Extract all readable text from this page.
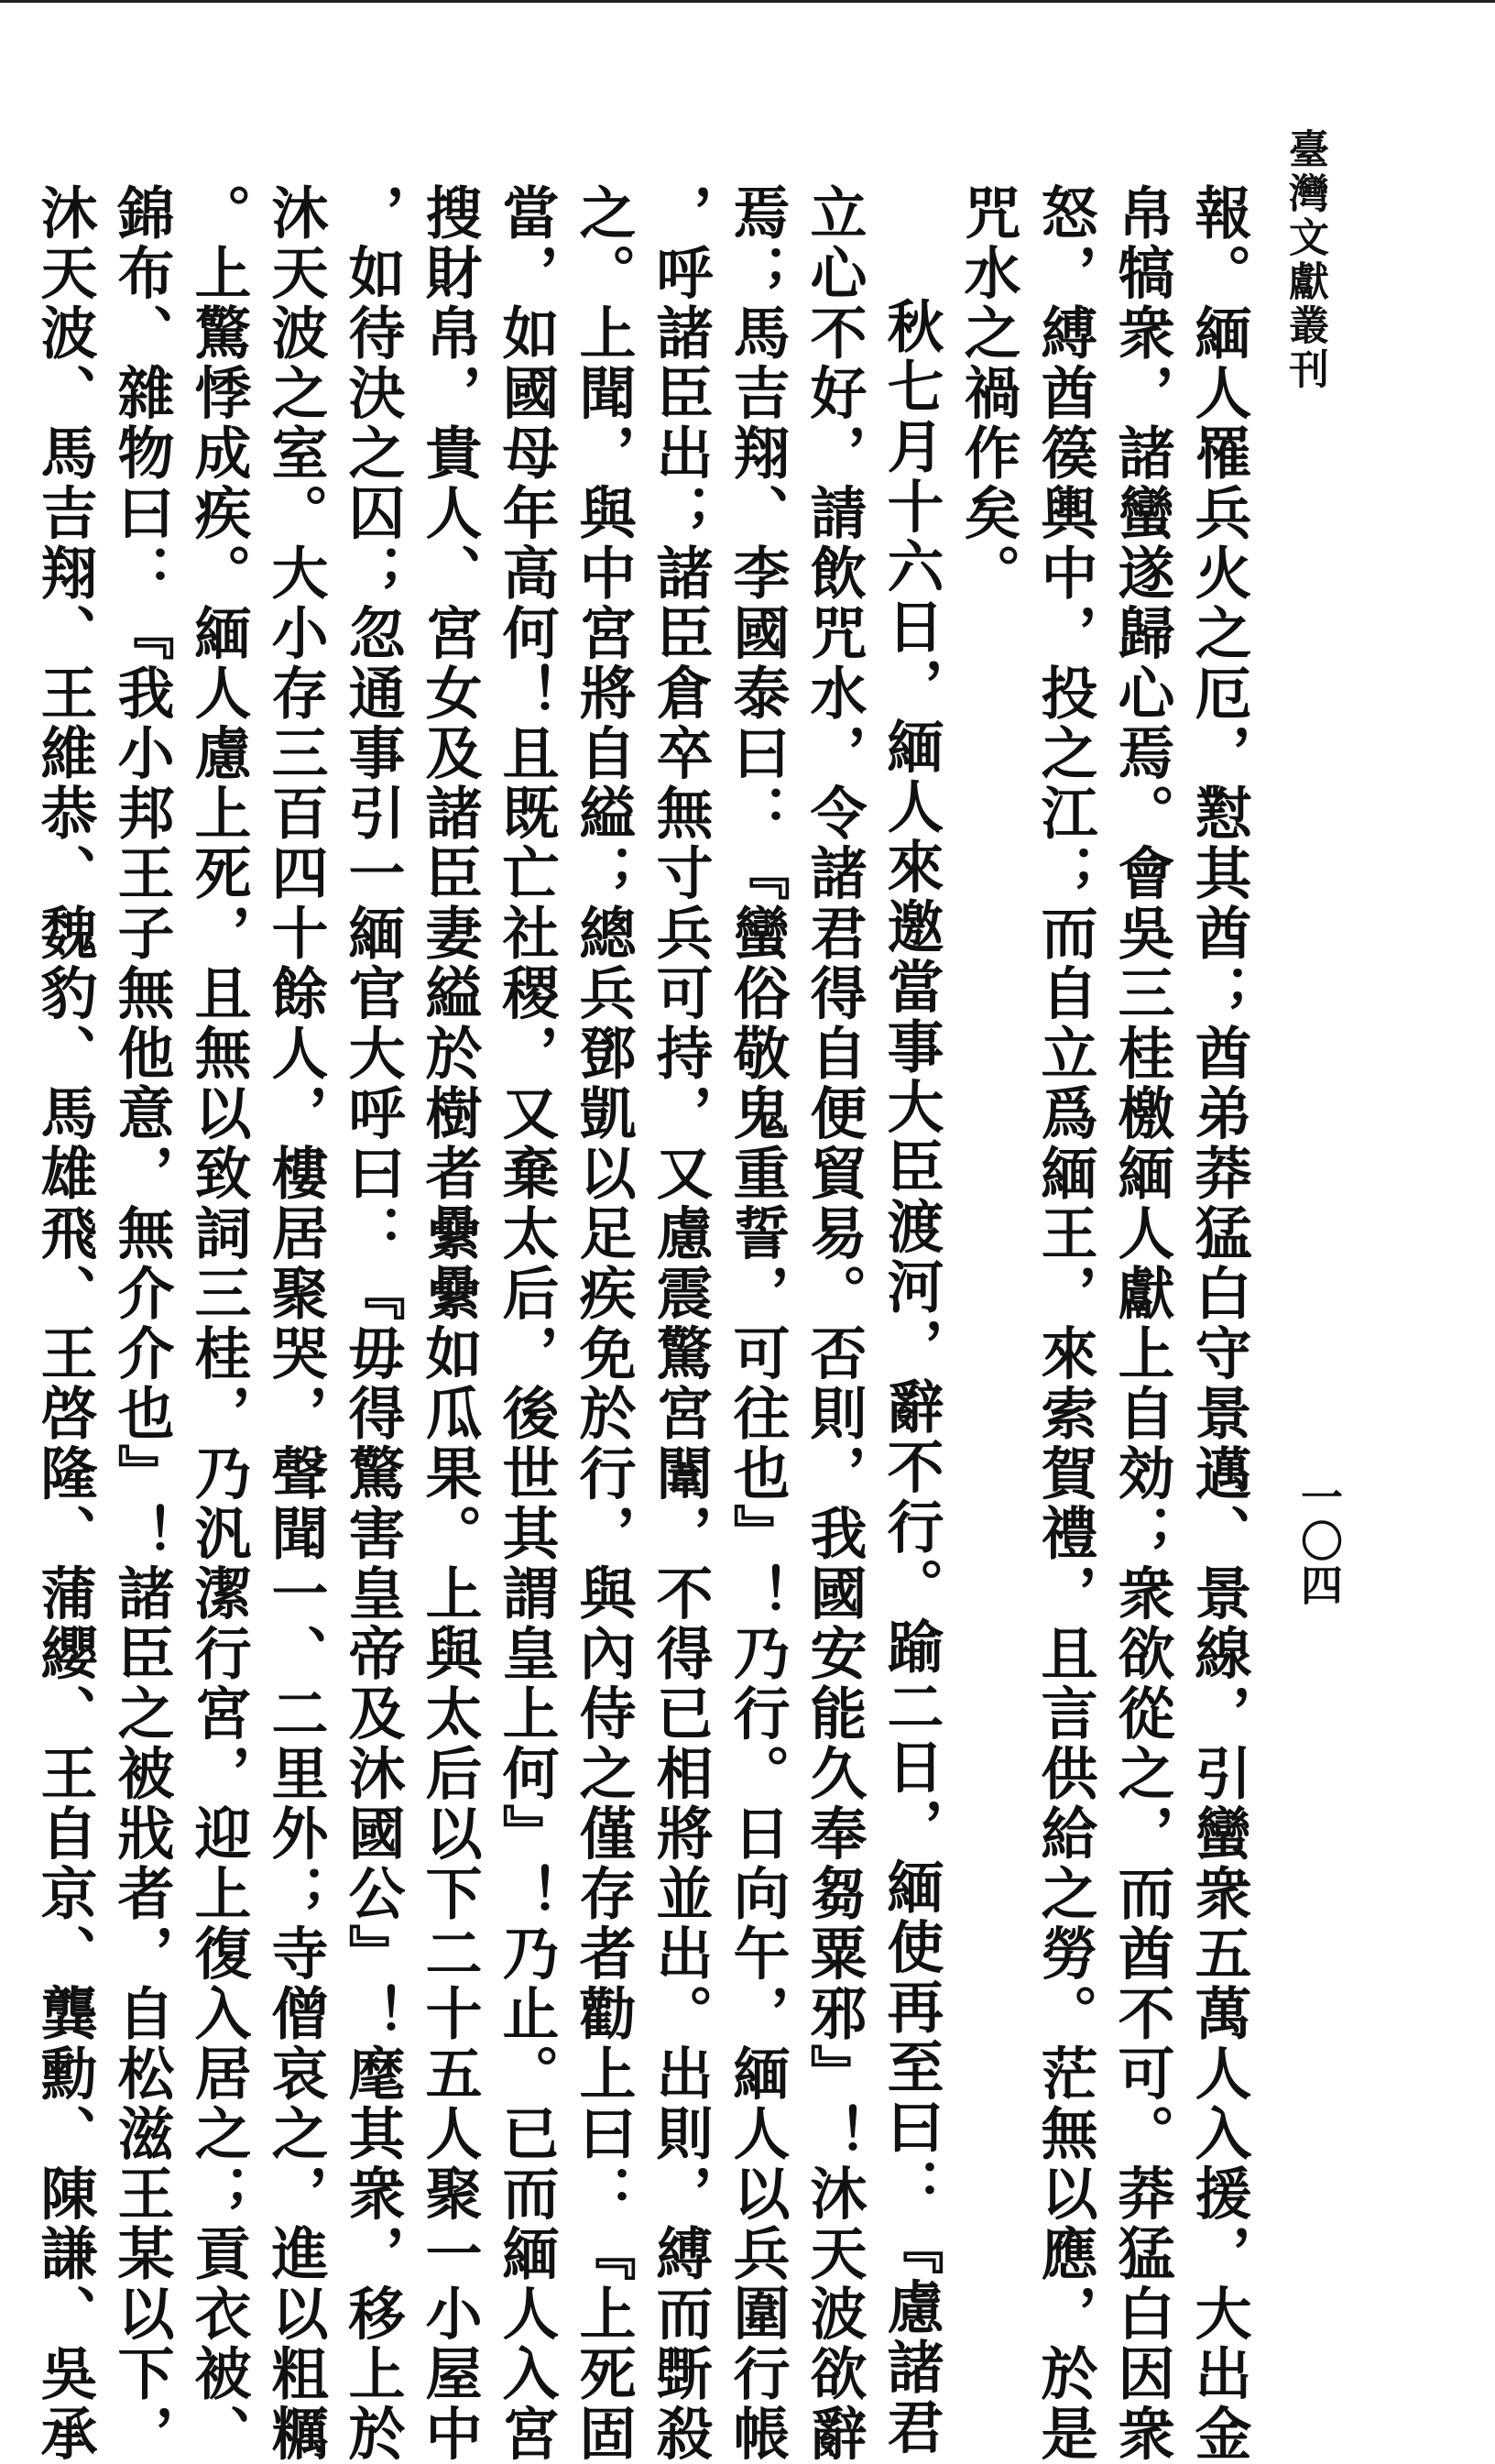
臺灣文獻叢刊
一〇四
報。緬人罹兵火之厄，懟其酋；酋弟莽猛白守景邁、景線，引蠻衆五萬人入援，大出金
帛犒衆，諸蠻遂歸心焉。會吳三桂檄緬人獻上自効；衆欲從之，而酋不可。莽猛白因衆
怒，縛酋篌輿中，投之江；而自立爲緬王，來索賀禮，且言供給之勞。茫無以應，於是
咒水之禍作矣。
秋七月十六日，緬人來邀當事大臣渡河，辭不行。踰二日，緬使再至曰：『慮諸君
立心不好，請飲咒水，令諸君得自便貿易。否則，我國安能久奉芻粟邪』！沐天波欲辭
焉；馬吉翔、李國泰曰：『蠻俗敬鬼重誓，可往也』！乃行。日向午，緬人以兵圍行帳
，呼諸臣出；諸臣倉卒無寸兵可持，又慮震驚宮闈，不得已相將並出。出則，縛而斲殺
之。上聞，與中宮將自縊；總兵鄧凱以足疾免於行，與內侍之僅存者勸上曰：『上死固
當，如國母年高何！且既亡社稷，又棄太后，後世其謂皇上何』！乃止。已而緬人入宮
搜財帛，貴人、宮女及諸臣妻縊於樹者纍纍如瓜果。上與太后以下二十五人聚一小屋中
，如待決之囚；忽通事引一緬官大呼曰：『毋得驚害皇帝及沐國公』！麾其衆，移上於
沐天波之室。大小存三百四十餘人，樓居聚哭，聲聞一、二里外；寺僧哀之，進以粗糲
。上驚悸成疾。緬人慮上死，且無以致詞三桂，乃汎潔行宮，迎上復入居之；貢衣被、
錦布、雜物曰：『我小邦王子無他意，無介介也』！諸臣之被戕者，自松滋王某以下，
沐天波、馬吉翔、王維恭、魏豹、馬雄飛、王啓隆、蒲纓、王自京、龔勳、陳謙、吳承
